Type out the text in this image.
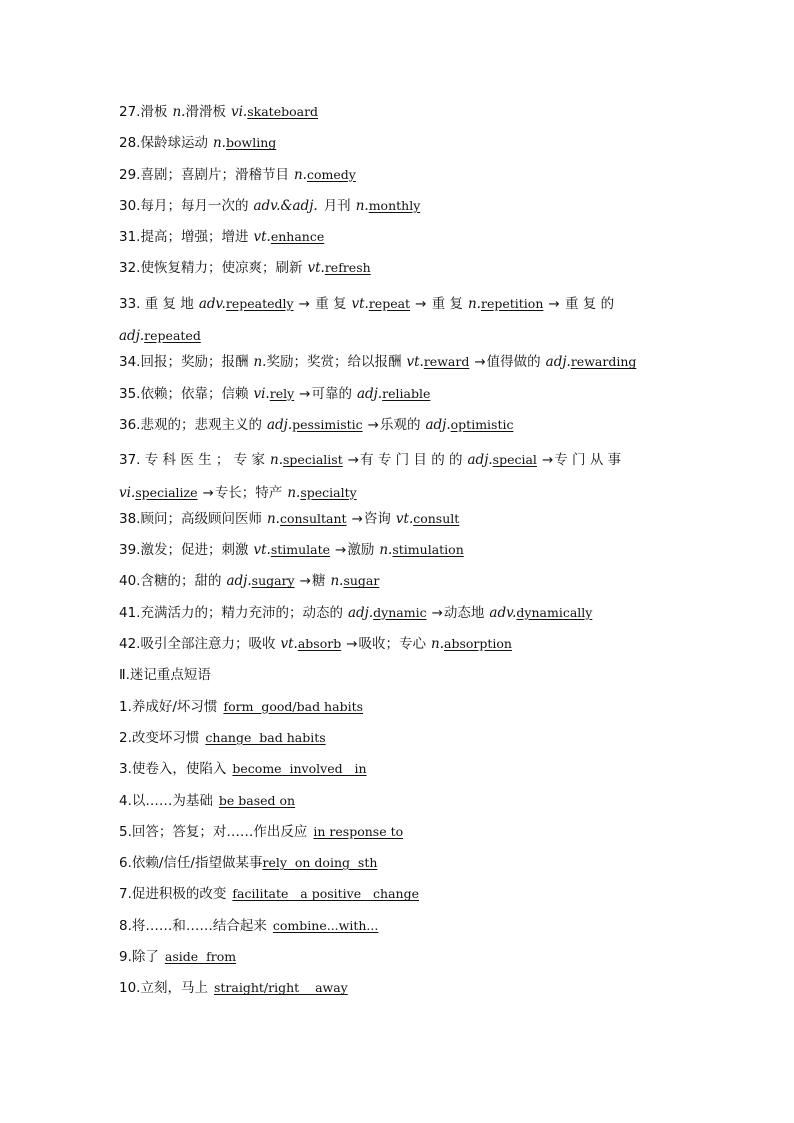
27.滑板 n.滑滑板 vi.skateboard
28.保龄球运动 n.bowling
29.喜剧；喜剧片；滑稽节目 n.comedy
30.每月；每月一次的 adv.&adj. 月刊 n.monthly
31.提高；增强；增进 vt.enhance
32.使恢复精力；使凉爽；刷新 vt.refresh
33. 重 复 地 adv.repeatedly → 重 复 vt.repeat → 重 复 n.repetition → 重 复 的
adj.repeated
34.回报；奖励；报酬 n.奖励；奖赏；给以报酬 vt.reward →值得做的 adj.rewarding
35.依赖；依靠；信赖 vi.rely →可靠的 adj.reliable
36.悲观的；悲观主义的 adj.pessimistic →乐观的 adj.optimistic
37. 专 科 医 生 ； 专 家 n.specialist →有 专 门 目 的 的 adj.special →专 门 从 事
vi.specialize →专长；特产 n.specialty
38.顾问；高级顾问医师 n.consultant →咨询 vt.consult
39.激发；促进；刺激 vt.stimulate →激励 n.stimulation
40.含糖的；甜的 adj.sugary →糖 n.sugar
41.充满活力的；精力充沛的；动态的 adj.dynamic →动态地 adv.dynamically
42.吸引全部注意力；吸收 vt.absorb →吸收；专心 n.absorption
Ⅱ.迷记重点短语
1.养成好/坏习惯 form  good/bad habits
2.改变坏习惯 change  bad habits
3.使卷入，使陷入 become  involved   in
4.以……为基础 be based on
5.回答；答复；对……作出反应 in response to
6.依赖/信任/指望做某事rely  on doing  sth
7.促进积极的改变 facilitate   a positive   change
8.将……和……结合起来 combine...with...
9.除了 aside  from
10.立刻，马上 straight/right    away
